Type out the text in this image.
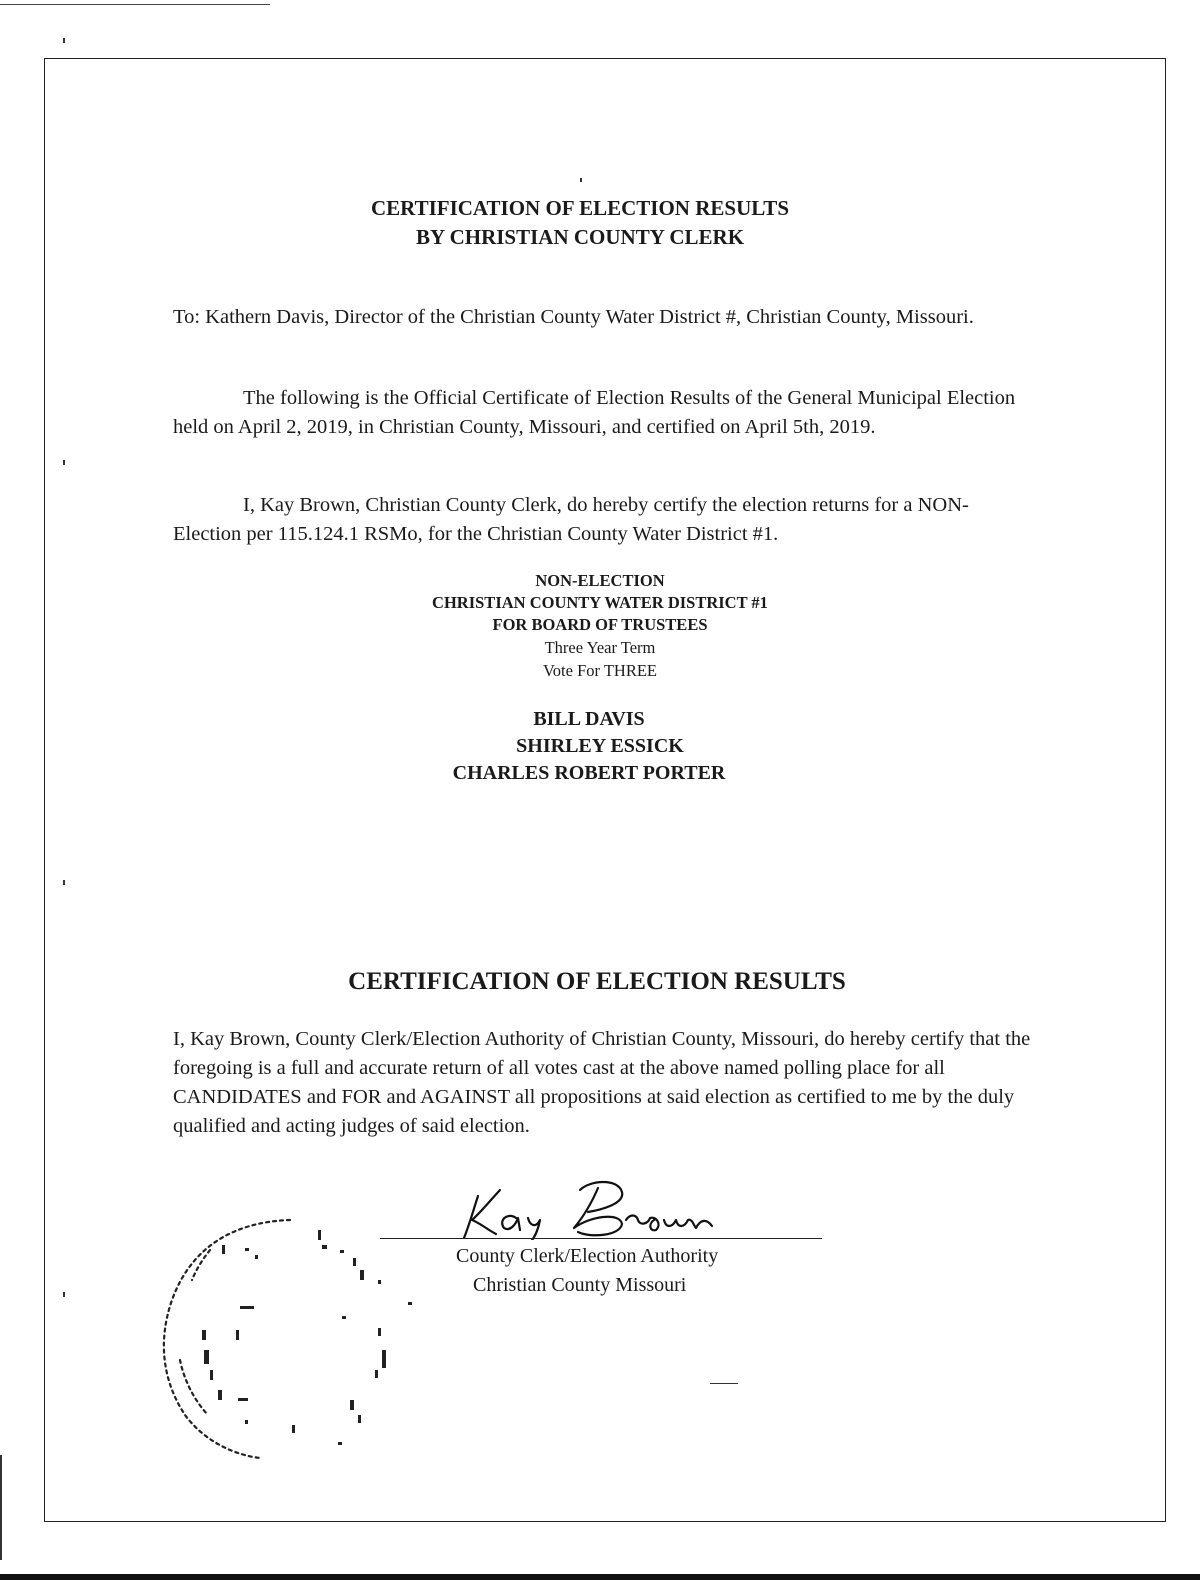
CERTIFICATION OF ELECTION RESULTS
BY CHRISTIAN COUNTY CLERK

To: Kathern Davis, Director of the Christian County Water District #, Christian County, Missouri.

The following is the Official Certificate of Election Results of the General Municipal Election held on April 2, 2019, in Christian County, Missouri, and certified on April 5th, 2019.

I, Kay Brown, Christian County Clerk, do hereby certify the election returns for a NON-Election per 115.124.1 RSMo, for the Christian County Water District #1.

NON-ELECTION
CHRISTIAN COUNTY WATER DISTRICT #1
FOR BOARD OF TRUSTEES
Three Year Term
Vote For THREE
BILL DAVIS
SHIRLEY ESSICK
CHARLES ROBERT PORTER
CERTIFICATION OF ELECTION RESULTS

I, Kay Brown, County Clerk/Election Authority of Christian County, Missouri, do hereby certify that the foregoing is a full and accurate return of all votes cast at the above named polling place for all CANDIDATES and FOR and AGAINST all propositions at said election as certified to me by the duly qualified and acting judges of said election.

County Clerk/Election Authority
Christian County Missouri
